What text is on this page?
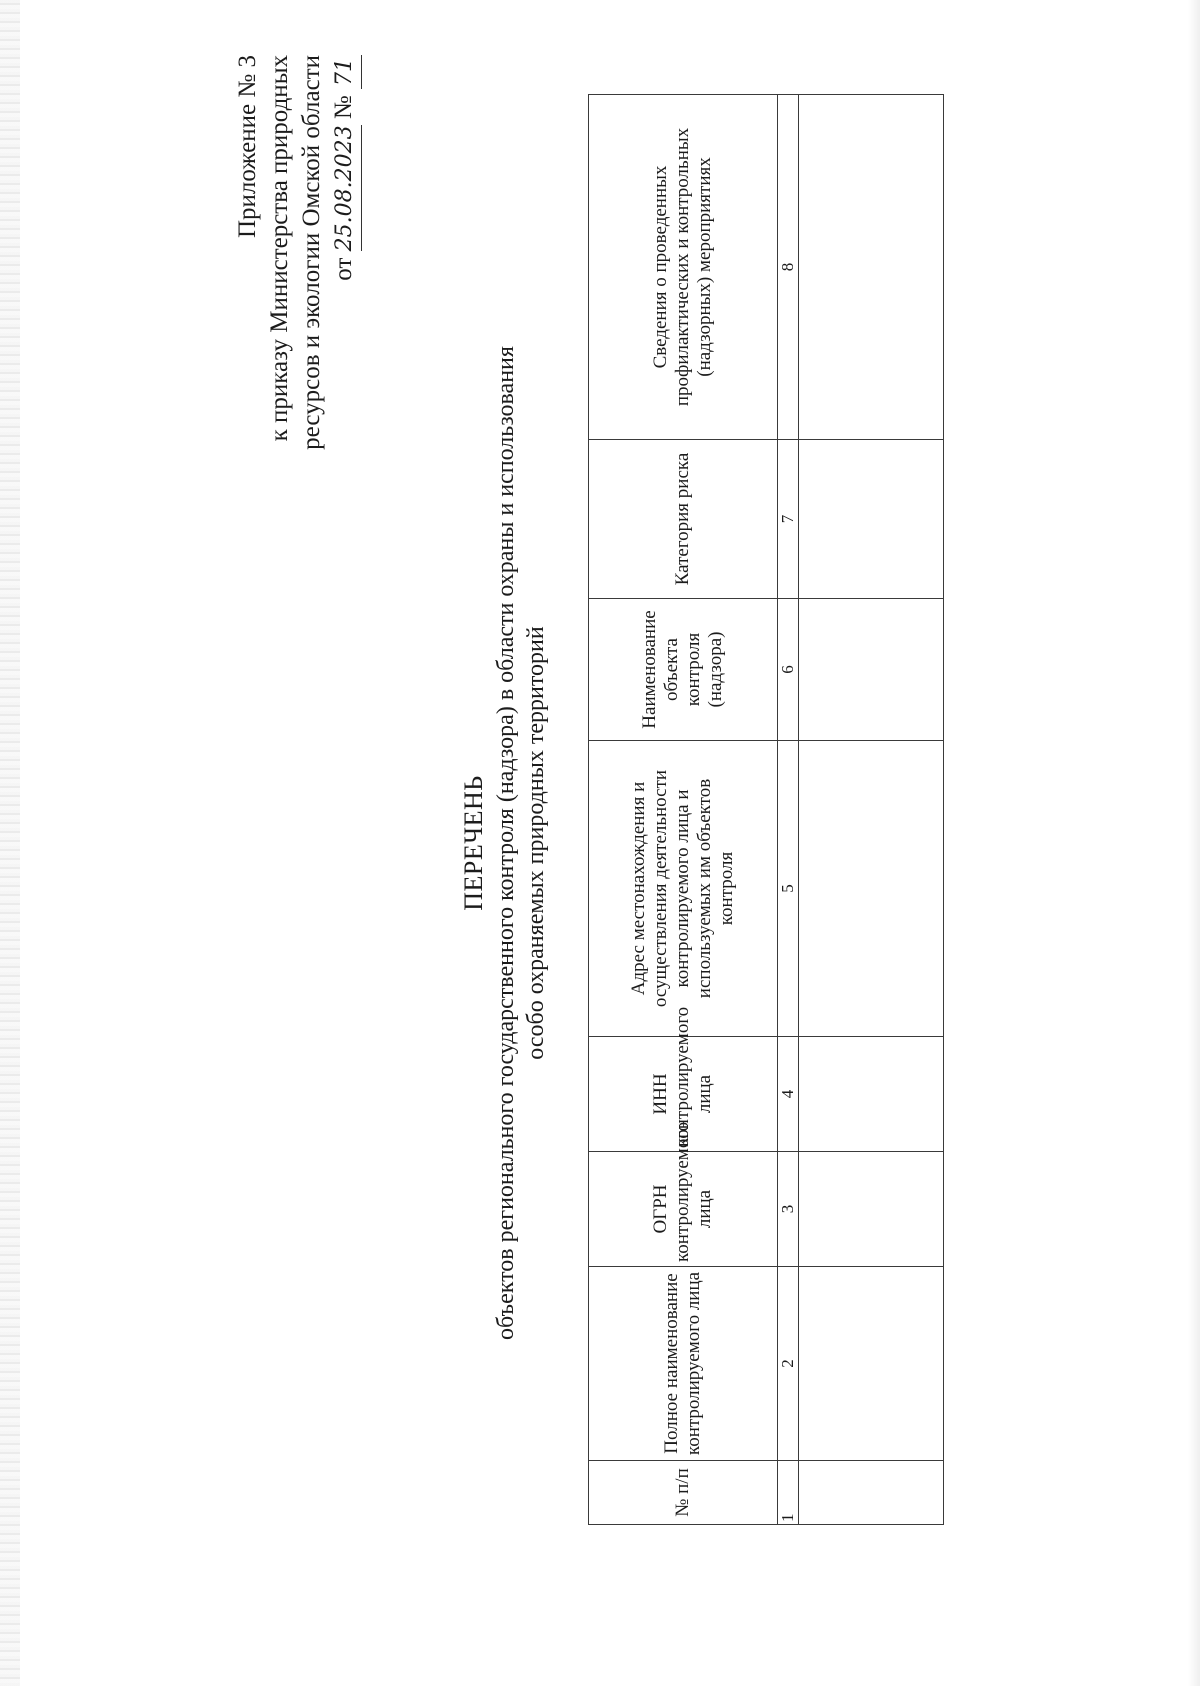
Приложение № 3 к приказу Министерства природных ресурсов и экологии Омской области от 25.08.2023 № 71
ПЕРЕЧЕНЬ объектов регионального государственного контроля (надзора) в области охраны и использования особо охраняемых природных территорий
№ п/п	Полное наименование контролируемого лица	ОГРН контролируемого лица	ИНН контролируемого лица	Адрес местонахождения и осуществления деятельности контролируемого лица и используемых им объектов контроля	Наименование объекта контроля (надзора)	Категория риска	Сведения о проведенных профилактических и контрольных (надзорных) мероприятиях
1	2	3	4	5	6	7	8
